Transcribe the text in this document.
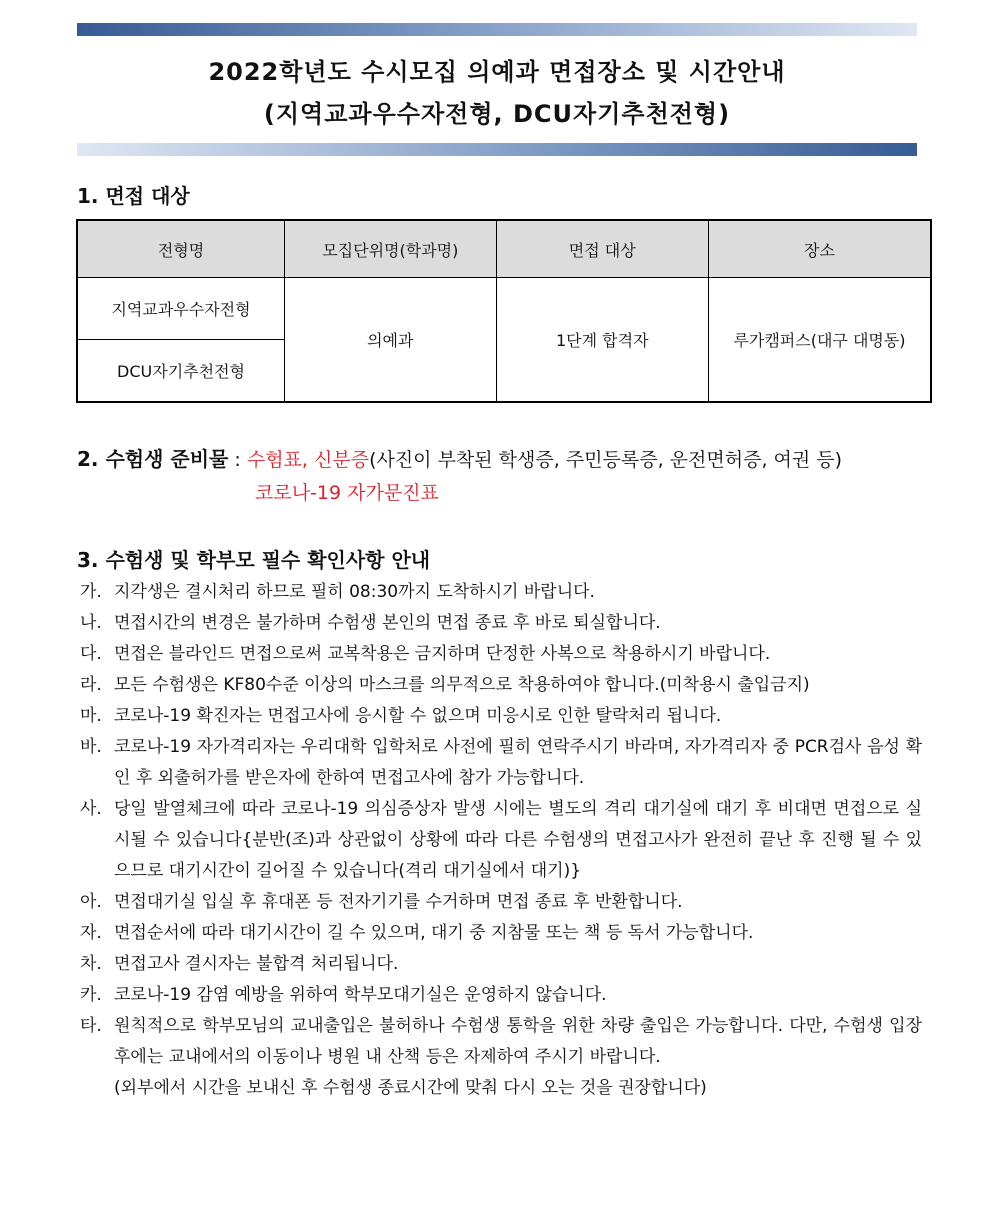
2022학년도 수시모집 의예과 면접장소 및 시간안내
(지역교과우수자전형, DCU자기추천전형)
1. 면접 대상
전형명	모집단위명(학과명)	면접 대상	장소
지역교과우수자전형	의예과	1단계 합격자	루가캠퍼스(대구 대명동)
DCU자기추천전형			
2. 수험생 준비물 : 수험표, 신분증(사진이 부착된 학생증, 주민등록증, 운전면허증, 여권 등)
코로나-19 자가문진표
3. 수험생 및 학부모 필수 확인사항 안내
가. 지각생은 결시처리 하므로 필히 08:30까지 도착하시기 바랍니다.
나. 면접시간의 변경은 불가하며 수험생 본인의 면접 종료 후 바로 퇴실합니다.
다. 면접은 블라인드 면접으로써 교복착용은 금지하며 단정한 사복으로 착용하시기 바랍니다.
라. 모든 수험생은 KF80수준 이상의 마스크를 의무적으로 착용하여야 합니다.(미착용시 출입금지)
마. 코로나-19 확진자는 면접고사에 응시할 수 없으며 미응시로 인한 탈락처리 됩니다.
바. 코로나-19 자가격리자는 우리대학 입학처로 사전에 필히 연락주시기 바라며, 자가격리자 중 PCR검사 음성 확인 후 외출허가를 받은자에 한하여 면접고사에 참가 가능합니다.
사. 당일 발열체크에 따라 코로나-19 의심증상자 발생 시에는 별도의 격리 대기실에 대기 후 비대면 면접으로 실시될 수 있습니다{분반(조)과 상관없이 상황에 따라 다른 수험생의 면접고사가 완전히 끝난 후 진행 될 수 있으므로 대기시간이 길어질 수 있습니다(격리 대기실에서 대기)}
아. 면접대기실 입실 후 휴대폰 등 전자기기를 수거하며 면접 종료 후 반환합니다.
자. 면접순서에 따라 대기시간이 길 수 있으며, 대기 중 지참물 또는 책 등 독서 가능합니다.
차. 면접고사 결시자는 불합격 처리됩니다.
카. 코로나-19 감염 예방을 위하여 학부모대기실은 운영하지 않습니다.
타. 원칙적으로 학부모님의 교내출입은 불허하나 수험생 통학을 위한 차량 출입은 가능합니다. 다만, 수험생 입장 후에는 교내에서의 이동이나 병원 내 산책 등은 자제하여 주시기 바랍니다.
(외부에서 시간을 보내신 후 수험생 종료시간에 맞춰 다시 오는 것을 권장합니다)
